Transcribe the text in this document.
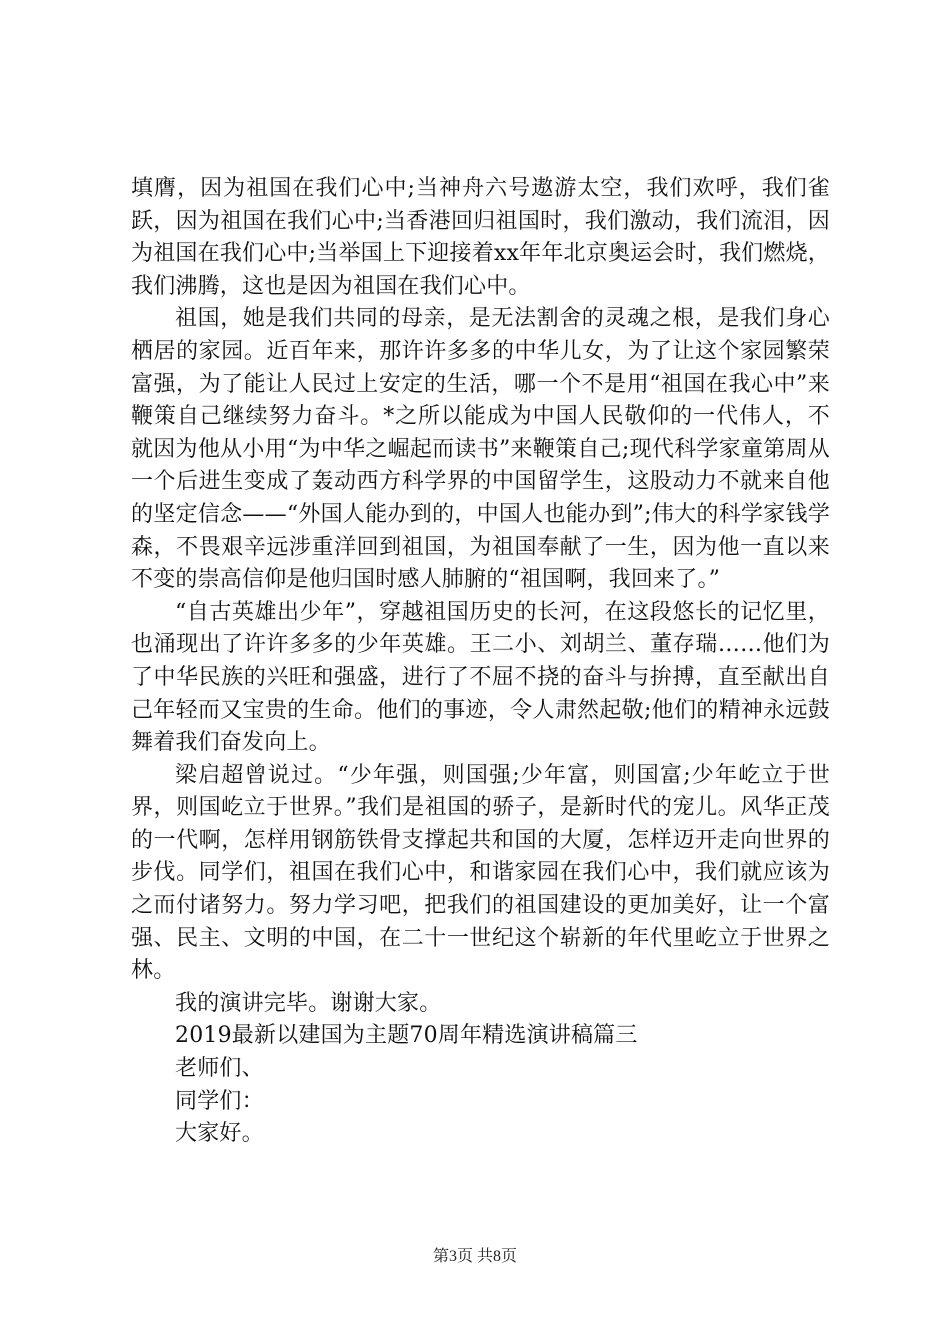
填膺，因为祖国在我们心中;当神舟六号遨游太空，我们欢呼，我们雀跃，因为祖国在我们心中;当香港回归祖国时，我们激动，我们流泪，因为祖国在我们心中;当举国上下迎接着xx年年北京奥运会时，我们燃烧，我们沸腾，这也是因为祖国在我们心中。

祖国，她是我们共同的母亲，是无法割舍的灵魂之根，是我们身心栖居的家园。近百年来，那许许多多的中华儿女，为了让这个家园繁荣富强，为了能让人民过上安定的生活，哪一个不是用“祖国在我心中”来鞭策自己继续努力奋斗。*之所以能成为中国人民敬仰的一代伟人，不就因为他从小用“为中华之崛起而读书”来鞭策自己;现代科学家童第周从一个后进生变成了轰动西方科学界的中国留学生，这股动力不就来自他的坚定信念——“外国人能办到的，中国人也能办到”;伟大的科学家钱学森，不畏艰辛远涉重洋回到祖国，为祖国奉献了一生，因为他一直以来不变的崇高信仰是他归国时感人肺腑的“祖国啊，我回来了。”

“自古英雄出少年”，穿越祖国历史的长河，在这段悠长的记忆里，也涌现出了许许多多的少年英雄。王二小、刘胡兰、董存瑞……他们为了中华民族的兴旺和强盛，进行了不屈不挠的奋斗与拚搏，直至献出自己年轻而又宝贵的生命。他们的事迹，令人肃然起敬;他们的精神永远鼓舞着我们奋发向上。

梁启超曾说过。“少年强，则国强;少年富，则国富;少年屹立于世界，则国屹立于世界。”我们是祖国的骄子，是新时代的宠儿。风华正茂的一代啊，怎样用钢筋铁骨支撑起共和国的大厦，怎样迈开走向世界的步伐。同学们，祖国在我们心中，和谐家园在我们心中，我们就应该为之而付诸努力。努力学习吧，把我们的祖国建设的更加美好，让一个富强、民主、文明的中国，在二十一世纪这个崭新的年代里屹立于世界之林。

我的演讲完毕。谢谢大家。

2019最新以建国为主题70周年精选演讲稿篇三

老师们、

同学们：

大家好。

第3页 共8页
